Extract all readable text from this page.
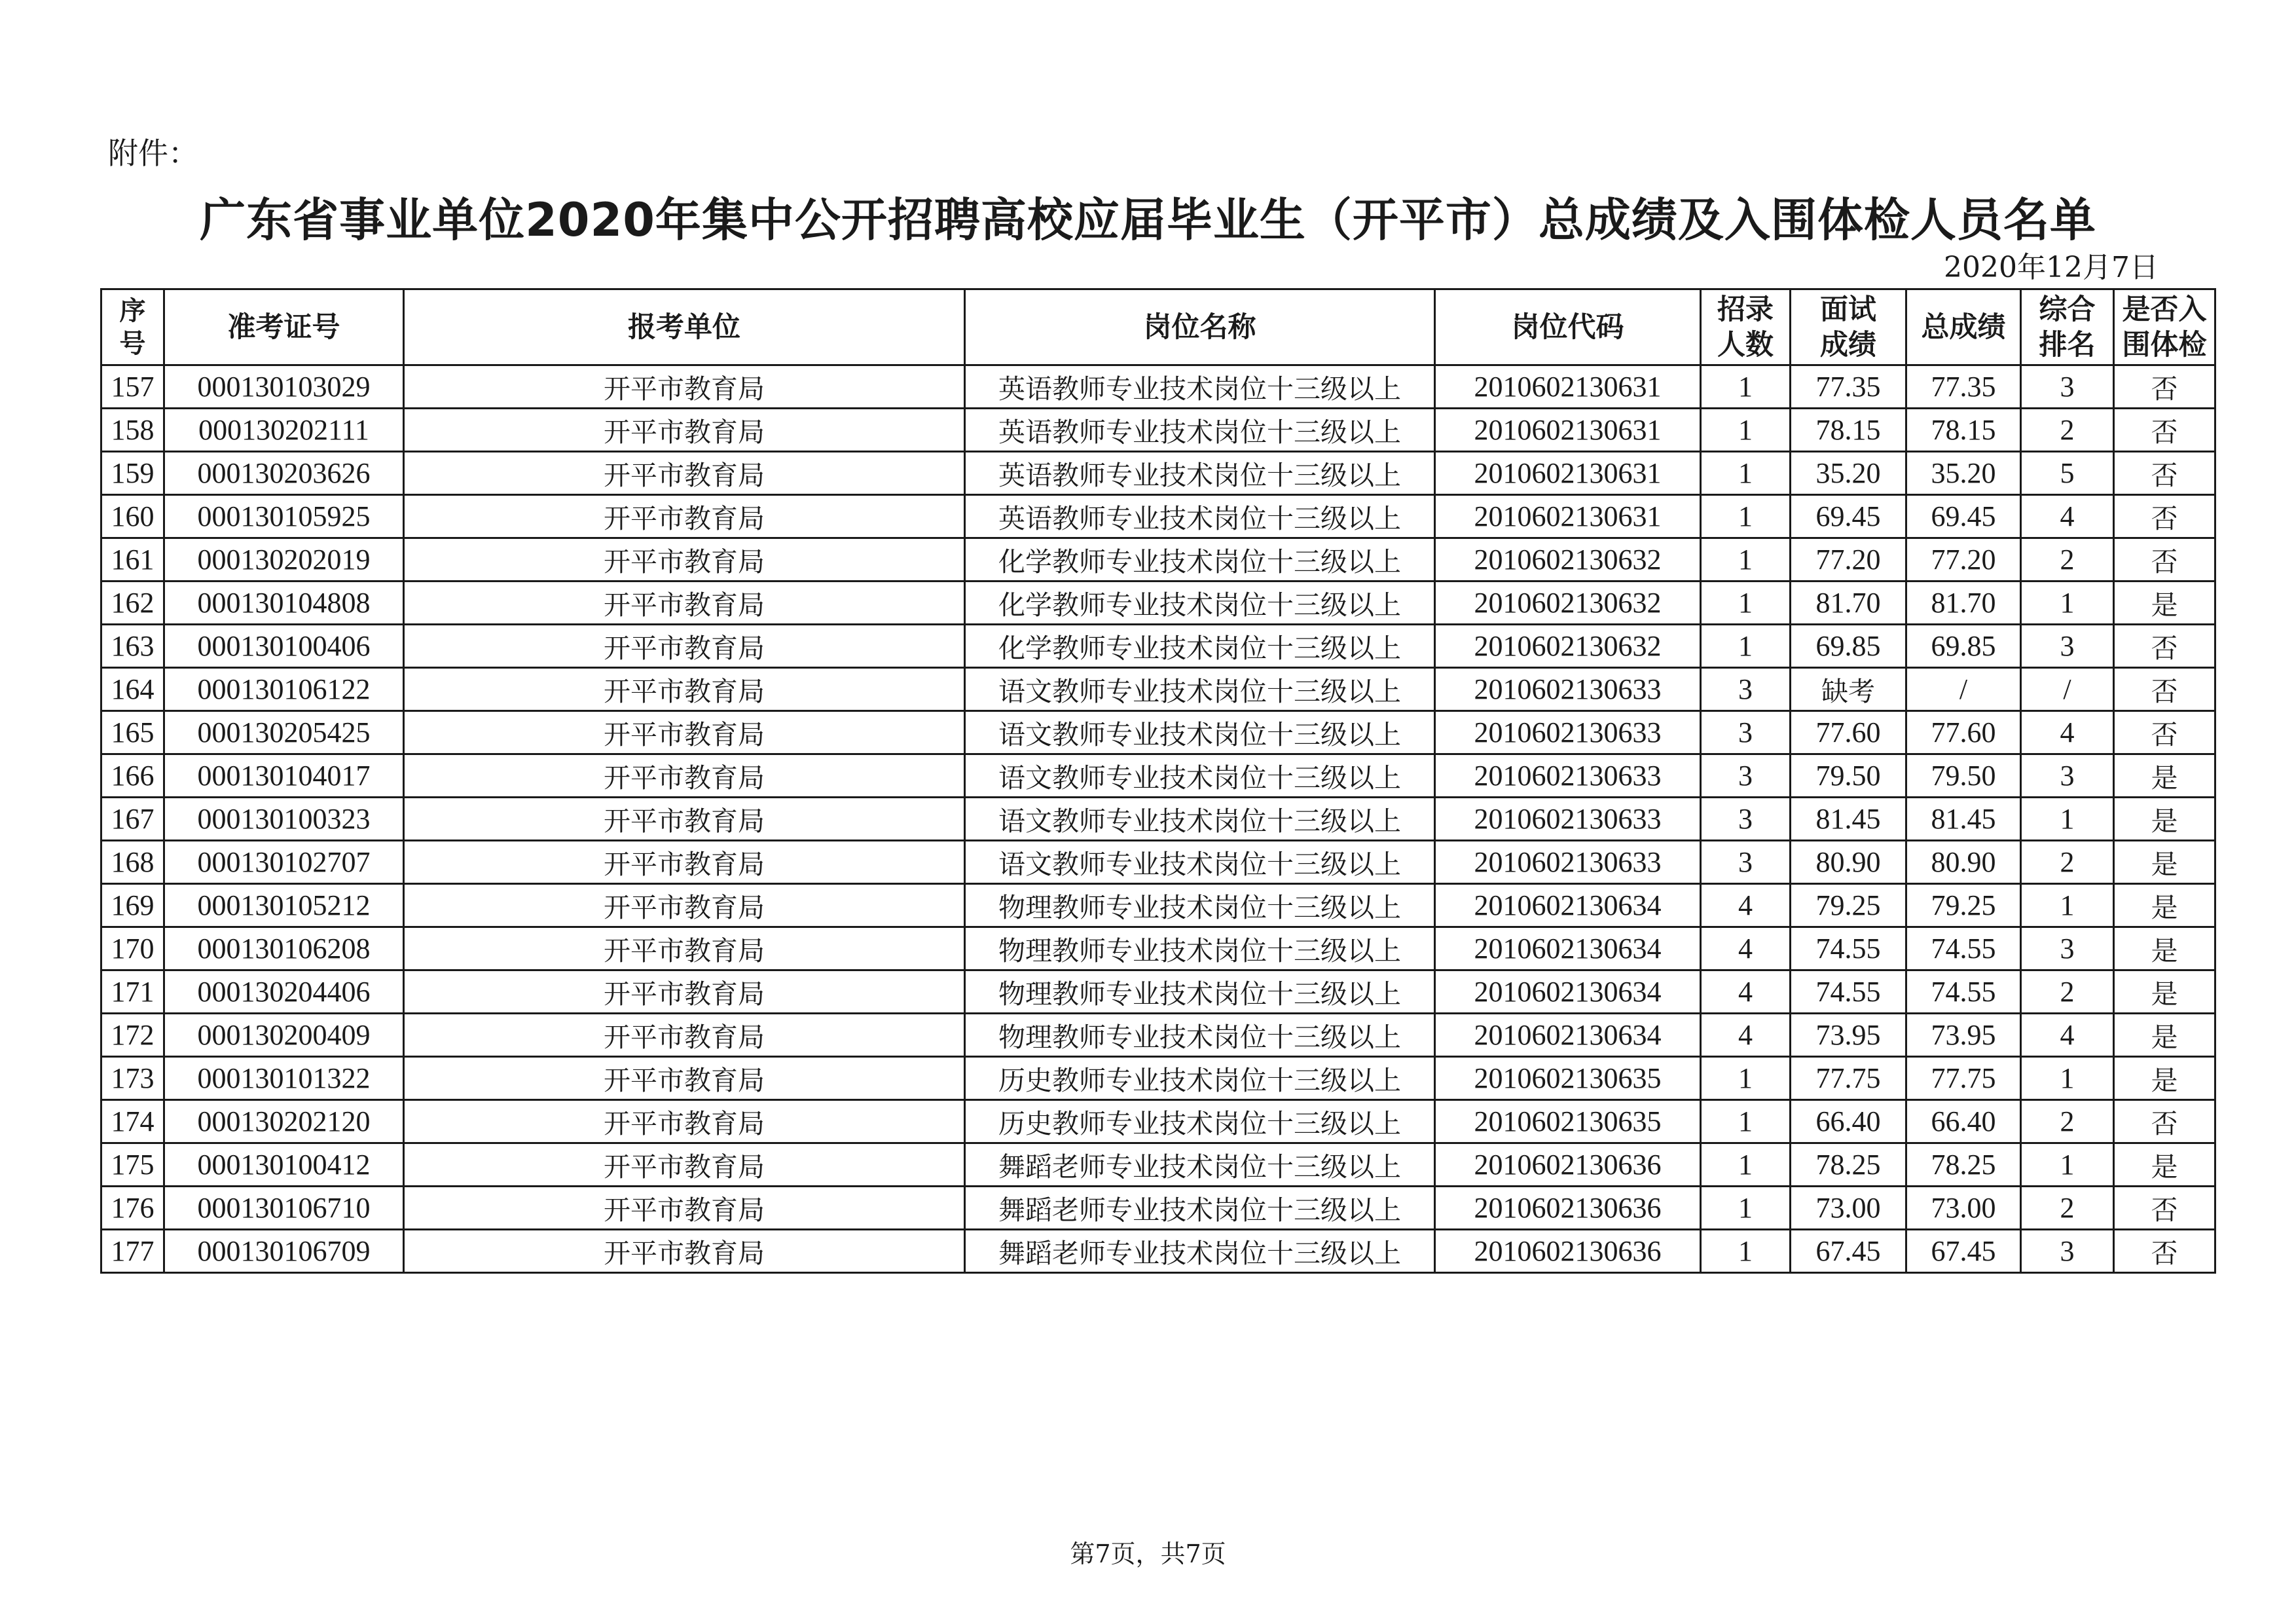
附件：
广东省事业单位2020年集中公开招聘高校应届毕业生（开平市）总成绩及入围体检人员名单
2020年12月7日
序号	准考证号	报考单位	岗位名称	岗位代码	招录人数	面试成绩	总成绩	综合排名	是否入围体检
157	000130103029	开平市教育局	英语教师专业技术岗位十三级以上	2010602130631	1	77.35	77.35	3	否
158	000130202111	开平市教育局	英语教师专业技术岗位十三级以上	2010602130631	1	78.15	78.15	2	否
159	000130203626	开平市教育局	英语教师专业技术岗位十三级以上	2010602130631	1	35.20	35.20	5	否
160	000130105925	开平市教育局	英语教师专业技术岗位十三级以上	2010602130631	1	69.45	69.45	4	否
161	000130202019	开平市教育局	化学教师专业技术岗位十三级以上	2010602130632	1	77.20	77.20	2	否
162	000130104808	开平市教育局	化学教师专业技术岗位十三级以上	2010602130632	1	81.70	81.70	1	是
163	000130100406	开平市教育局	化学教师专业技术岗位十三级以上	2010602130632	1	69.85	69.85	3	否
164	000130106122	开平市教育局	语文教师专业技术岗位十三级以上	2010602130633	3	缺考	/	/	否
165	000130205425	开平市教育局	语文教师专业技术岗位十三级以上	2010602130633	3	77.60	77.60	4	否
166	000130104017	开平市教育局	语文教师专业技术岗位十三级以上	2010602130633	3	79.50	79.50	3	是
167	000130100323	开平市教育局	语文教师专业技术岗位十三级以上	2010602130633	3	81.45	81.45	1	是
168	000130102707	开平市教育局	语文教师专业技术岗位十三级以上	2010602130633	3	80.90	80.90	2	是
169	000130105212	开平市教育局	物理教师专业技术岗位十三级以上	2010602130634	4	79.25	79.25	1	是
170	000130106208	开平市教育局	物理教师专业技术岗位十三级以上	2010602130634	4	74.55	74.55	3	是
171	000130204406	开平市教育局	物理教师专业技术岗位十三级以上	2010602130634	4	74.55	74.55	2	是
172	000130200409	开平市教育局	物理教师专业技术岗位十三级以上	2010602130634	4	73.95	73.95	4	是
173	000130101322	开平市教育局	历史教师专业技术岗位十三级以上	2010602130635	1	77.75	77.75	1	是
174	000130202120	开平市教育局	历史教师专业技术岗位十三级以上	2010602130635	1	66.40	66.40	2	否
175	000130100412	开平市教育局	舞蹈老师专业技术岗位十三级以上	2010602130636	1	78.25	78.25	1	是
176	000130106710	开平市教育局	舞蹈老师专业技术岗位十三级以上	2010602130636	1	73.00	73.00	2	否
177	000130106709	开平市教育局	舞蹈老师专业技术岗位十三级以上	2010602130636	1	67.45	67.45	3	否
第7页，共7页
